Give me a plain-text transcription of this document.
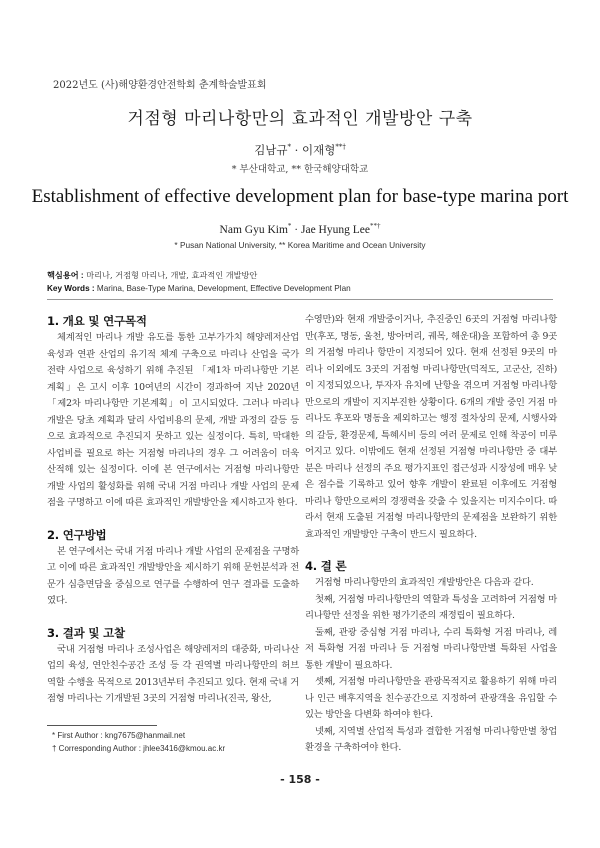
2022년도 (사)해양환경안전학회 춘계학술발표회
거점형 마리나항만의 효과적인 개발방안 구축
김남규* · 이재형**†
* 부산대학교, ** 한국해양대학교
Establishment of effective development plan for base-type marina port
Nam Gyu Kim* · Jae Hyung Lee**†
* Pusan National University, ** Korea Maritime and Ocean University
핵심용어 : 마리나, 거점형 마리나, 개발, 효과적인 개발방안
Key Words : Marina, Base-Type Marina, Development, Effective Development Plan
1. 개요 및 연구목적

체계적인 마리나 개발 유도를 통한 고부가가치 해양레저산업 육성과 연관 산업의 유기적 체계 구축으로 마리나 산업을 국가 전략 사업으로 육성하기 위해 추진된 「제1차 마리나항만 기본계획」은 고시 이후 10여년의 시간이 경과하여 지난 2020년「제2차 마리나항만 기본계획」이 고시되었다. 그러나 마리나 개발은 당초 계획과 달리 사업비용의 문제, 개발 과정의 갈등 등으로 효과적으로 추진되지 못하고 있는 실정이다. 특히, 막대한 사업비를 필요로 하는 거점형 마리나의 경우 그 어려움이 더욱 산적해 있는 실정이다. 이에 본 연구에서는 거점형 마리나항만 개발 사업의 활성화를 위해 국내 거점 마리나 개발 사업의 문제점을 구명하고 이에 따른 효과적인 개발방안을 제시하고자 한다.

2. 연구방법

본 연구에서는 국내 거점 마리나 개발 사업의 문제점을 구명하고 이에 따른 효과적인 개발방안을 제시하기 위해 문헌분석과 전문가 심층면담을 중심으로 연구를 수행하여 연구 결과를 도출하였다.

3. 결과 및 고찰

국내 거점형 마리나 조성사업은 해양레저의 대중화, 마리나산업의 육성, 연안친수공간 조성 등 각 권역별 마리나항만의 허브 역할 수행을 목적으로 2013년부터 추진되고 있다. 현재 국내 거점형 마리나는 기개발된 3곳의 거점형 마리나(진곡, 왕산,

수영만)와 현재 개발중이거나, 추진중인 6곳의 거점형 마리나항만(후포, 명동, 울천, 방아머리, 궤목, 해운대)을 포함하여 총 9곳의 거점형 마리나 항만이 지정되어 있다. 현재 선정된 9곳의 마리나 이외에도 3곳의 거점형 마리나항만(덕적도, 고군산, 진하)이 지정되었으나, 투자자 유치에 난항을 겪으며 거점형 마리나항만으로의 개발이 지지부진한 상황이다. 6개의 개발 중인 거점 마리나도 후포와 명동을 제외하고는 행정 절차상의 문제, 시행사와의 갈등, 환경문제, 특혜시비 등의 여러 문제로 인해 착공이 미루어지고 있다. 이밖에도 현재 선정된 거점형 마리나항만 중 대부분은 마리나 선정의 주요 평가지표인 접근성과 시장성에 매우 낮은 점수를 기록하고 있어 향후 개발이 완료된 이후에도 거점형 마리나 항만으로써의 경쟁력을 갖출 수 있을지는 미지수이다. 따라서 현재 도출된 거점형 마리나항만의 문제점을 보완하기 위한 효과적인 개발방안 구축이 반드시 필요하다.

4. 결 론

거점형 마리나항만의 효과적인 개발방안은 다음과 같다.

첫째, 거점형 마리나항만의 역할과 특성을 고려하여 거점형 마리나항만 선정을 위한 평가기준의 재정립이 필요하다.

둘째, 관광 중심형 거점 마리나, 수리 특화형 거점 마리나, 레저 특화형 거점 마리나 등 거점형 마리나항만별 특화된 사업을 통한 개발이 필요하다.

셋째, 거점형 마리나항만을 관광목적지로 활용하기 위해 마리나 인근 배후지역을 친수공간으로 지정하여 관광객을 유입할 수 있는 방안을 다변화 하여야 한다.

넷째, 지역별 산업적 특성과 결합한 거점형 마리나항만별 창업환경을 구축하여야 한다.

* First Author : kng7675@hanmail.net
† Corresponding Author : jhlee3416@kmou.ac.kr
- 158 -
